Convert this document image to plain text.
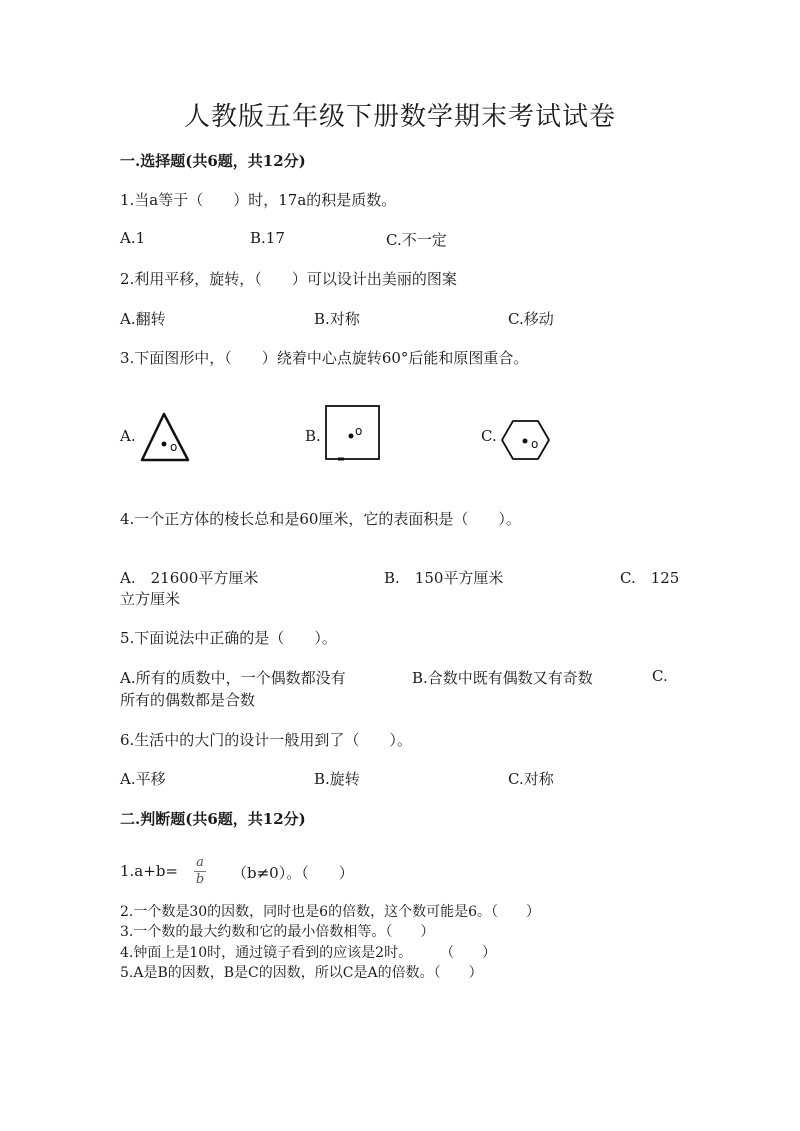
人教版五年级下册数学期末考试试卷
一.选择题(共6题，共12分)
1.当a等于（　　）时，17a的积是质数。
A.1	B.17	C.不一定
2.利用平移，旋转，（　　）可以设计出美丽的图案
A.翻转	B.对称	C.移动
3.下面图形中，（　　）绕着中心点旋转60°后能和原图重合。
A.
o
B.	o	C.	o
4.一个正方体的棱长总和是60厘米，它的表面积是（　　）。
A.　21600平方厘米	B.　150平方厘米	C.　125
立方厘米
5.下面说法中正确的是（　　）。
A.所有的质数中，一个偶数都没有	B.合数中既有偶数又有奇数	C.
所有的偶数都是合数
6.生活中的大门的设计一般用到了（　　）。
A.平移	B.旋转	C.对称
二.判断题(共6题，共12分)
1.a+b= a
b （b≠0）。（　　）
2.一个数是30的因数，同时也是6的倍数，这个数可能是6。（　　）
3.一个数的最大约数和它的最小倍数相等。（　　）
4.钟面上是10时，通过镜子看到的应该是2时。　　　（　　）
5.A是B的因数，B是C的因数，所以C是A的倍数。（　　）
